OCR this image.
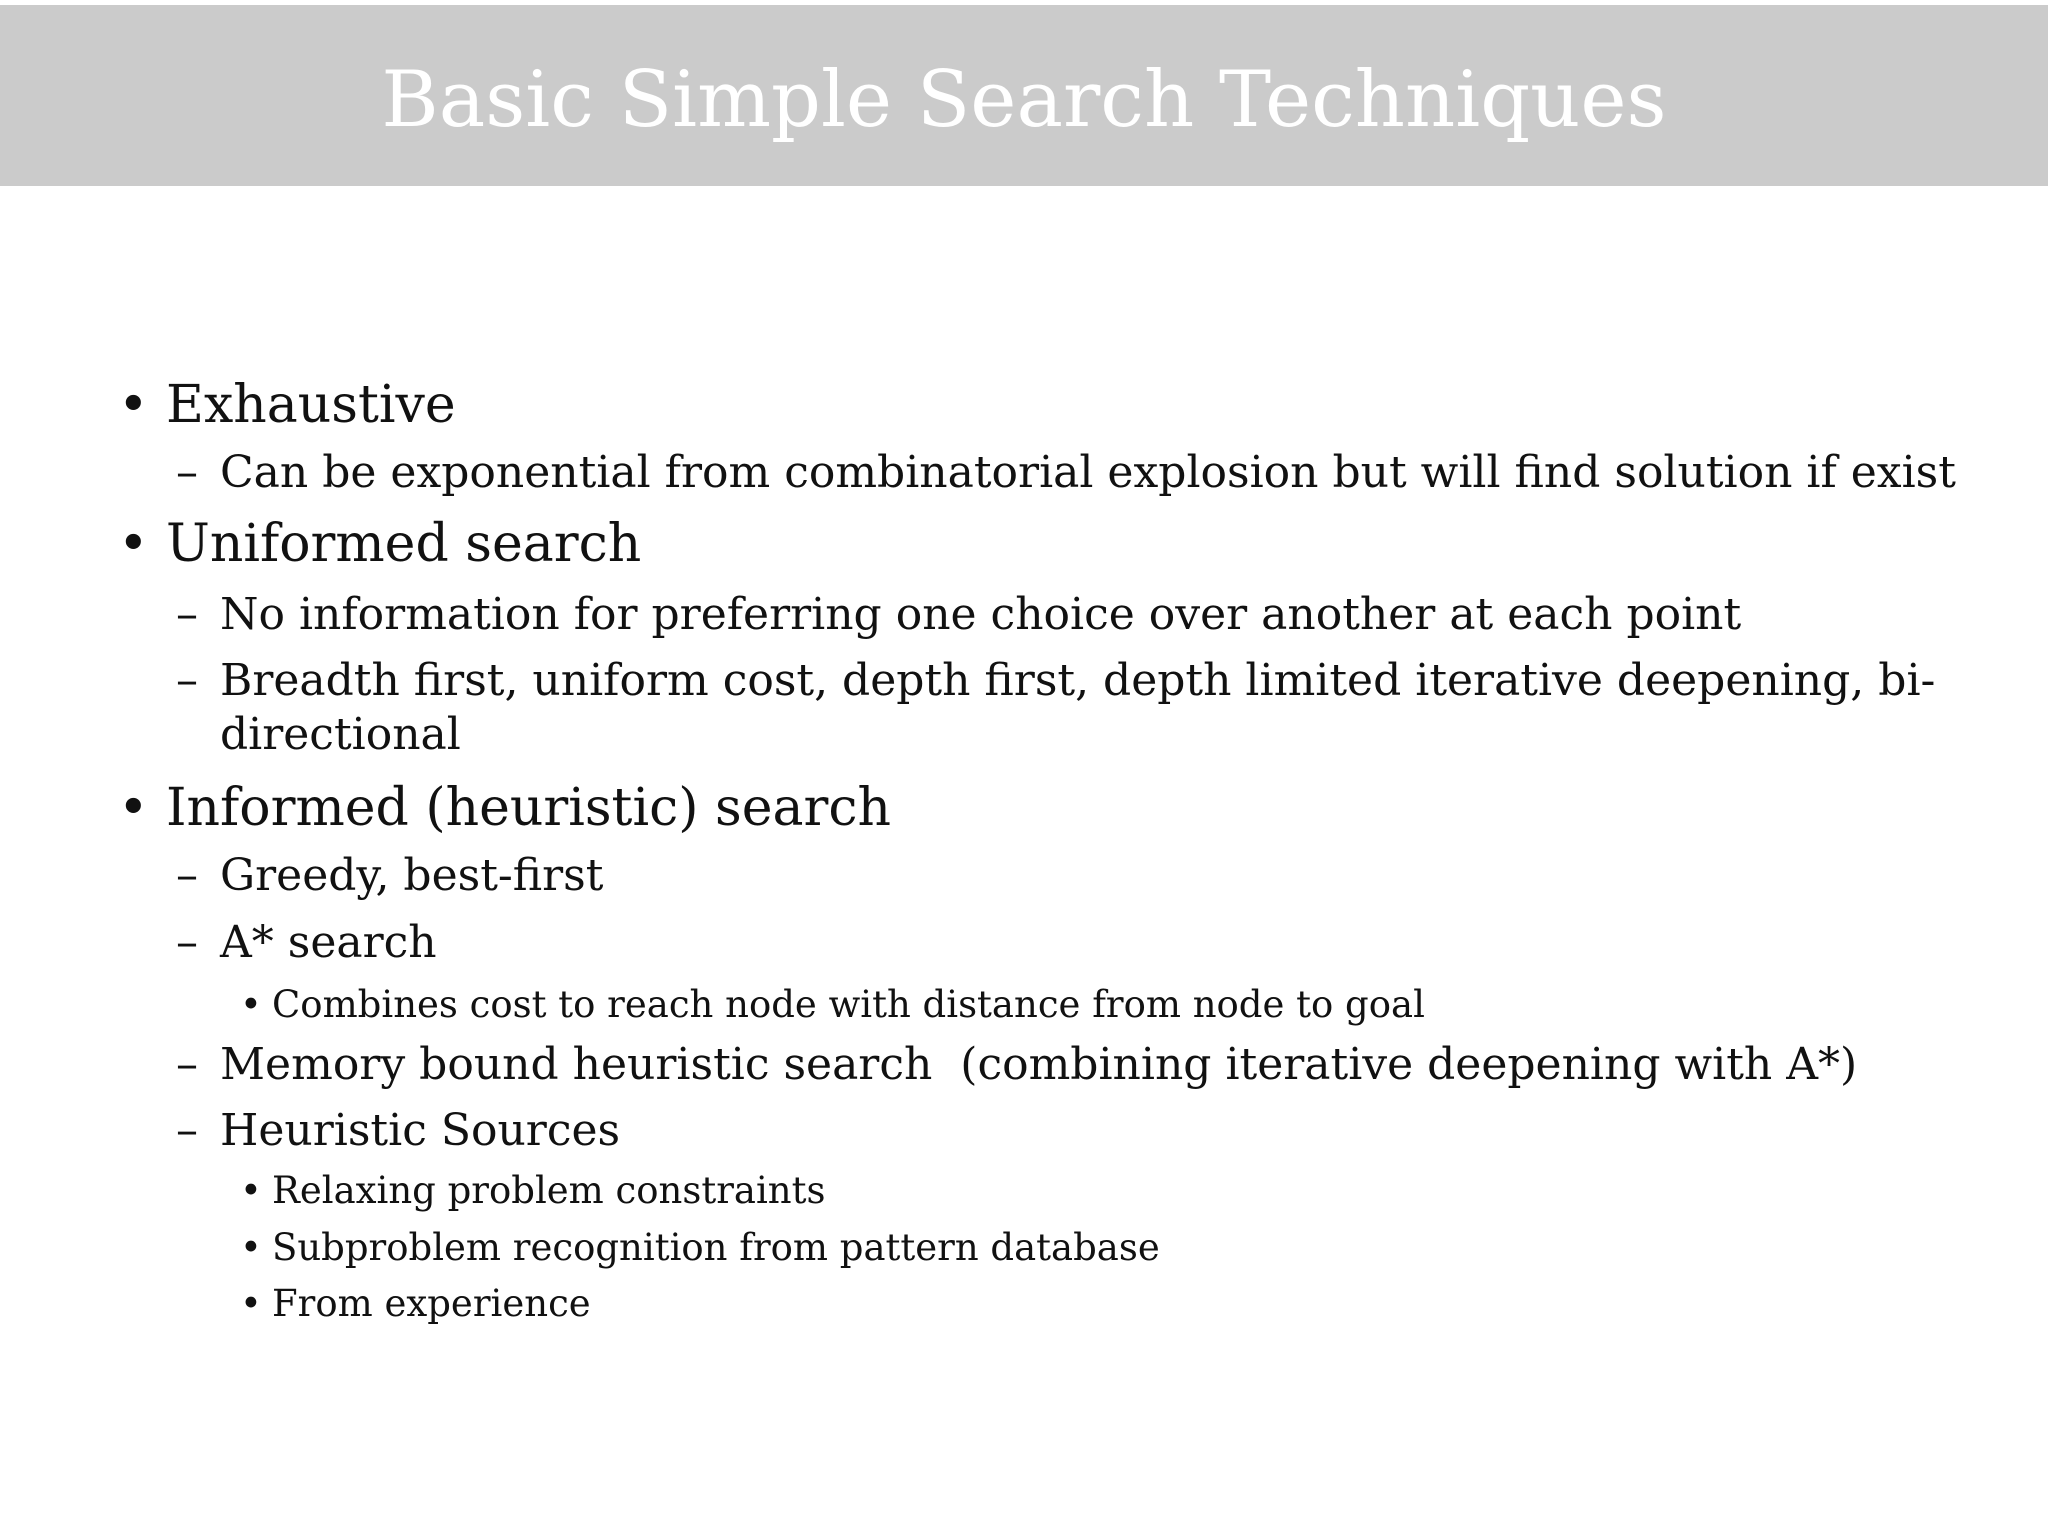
Basic Simple Search Techniques
• Exhaustive
– Can be exponential from combinatorial explosion but will find solution if exist
• Uniformed search
– No information for preferring one choice over another at each point
– Breadth first, uniform cost, depth first, depth limited iterative deepening, bi-
directional
• Informed (heuristic) search
– Greedy, best-first
– A* search
• Combines cost to reach node with distance from node to goal
– Memory bound heuristic search  (combining iterative deepening with A*)
– Heuristic Sources
• Relaxing problem constraints
• Subproblem recognition from pattern database
• From experience
